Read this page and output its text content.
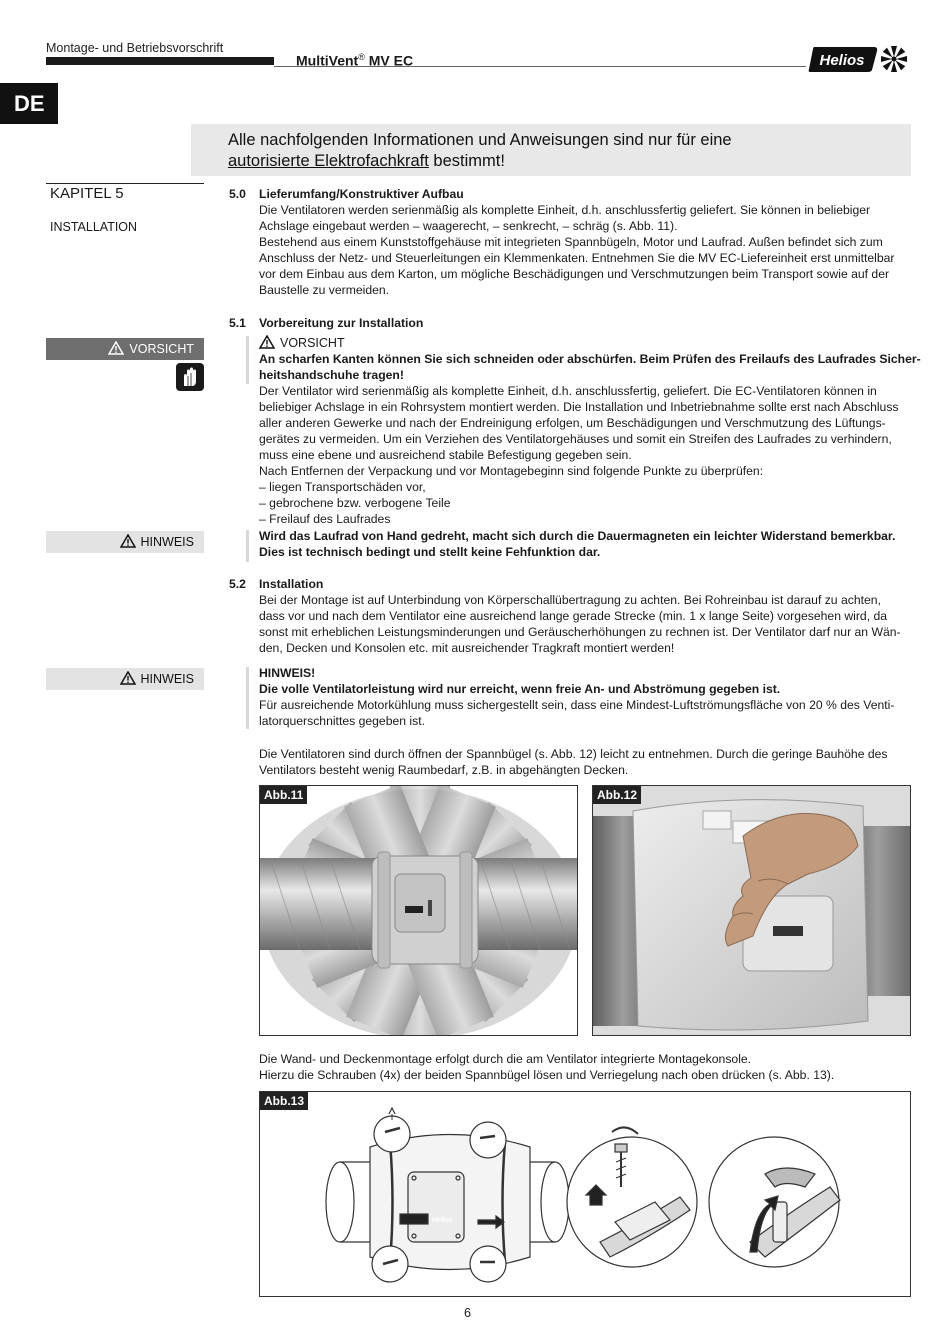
Montage- und Betriebsvorschrift
MultiVent® MV EC	Helios
DE
Alle nachfolgenden Informationen und Anweisungen sind nur für eine
autorisierte Elektrofachkraft bestimmt!
KAPITEL 5
INSTALLATION
5.0 Lieferumfang/Konstruktiver Aufbau
Die Ventilatoren werden serienmäßig als komplette Einheit, d.h. anschlussfertig geliefert. Sie können in beliebiger
Achslage eingebaut werden – waagerecht, – senkrecht, – schräg (s. Abb. 11).
Bestehend aus einem Kunststoffgehäuse mit integrieten Spannbügeln, Motor und Laufrad. Außen befindet sich zum
Anschluss der Netz- und Steuerleitungen ein Klemmenkaten. Entnehmen Sie die MV EC-Liefereinheit erst unmittelbar
vor dem Einbau aus dem Karton, um mögliche Beschädigungen und Verschmutzungen beim Transport sowie auf der
Baustelle zu vermeiden.
5.1 Vorbereitung zur Installation
VORSICHT	VORSICHT
An scharfen Kanten können Sie sich schneiden oder abschürfen. Beim Prüfen des Freilaufs des Laufrades Sicher-
heitshandschuhe tragen!
Der Ventilator wird serienmäßig als komplette Einheit, d.h. anschlussfertig, geliefert. Die EC-Ventilatoren können in
beliebiger Achslage in ein Rohrsystem montiert werden. Die Installation und Inbetriebnahme sollte erst nach Abschluss
aller anderen Gewerke und nach der Endreinigung erfolgen, um Beschädigungen und Verschmutzung des Lüftungs-
gerätes zu vermeiden. Um ein Verziehen des Ventilatorgehäuses und somit ein Streifen des Laufrades zu verhindern,
muss eine ebene und ausreichend stabile Befestigung gegeben sein.
Nach Entfernen der Verpackung und vor Montagebeginn sind folgende Punkte zu überprüfen:
– liegen Transportschäden vor,
– gebrochene bzw. verbogene Teile
– Freilauf des Laufrades
HINWEIS	Wird das Laufrad von Hand gedreht, macht sich durch die Dauermagneten ein leichter Widerstand bemerkbar.
Dies ist technisch bedingt und stellt keine Fehfunktion dar.
5.2 Installation
Bei der Montage ist auf Unterbindung von Körperschallübertragung zu achten. Bei Rohreinbau ist darauf zu achten,
dass vor und nach dem Ventilator eine ausreichend lange gerade Strecke (min. 1 x lange Seite) vorgesehen wird, da
sonst mit erheblichen Leistungsminderungen und Geräuscherhöhungen zu rechnen ist. Der Ventilator darf nur an Wän-
den, Decken und Konsolen etc. mit ausreichender Tragkraft montiert werden!
HINWEIS	HINWEIS!
Die volle Ventilatorleistung wird nur erreicht, wenn freie An- und Abströmung gegeben ist.
Für ausreichende Motorkühlung muss sichergestellt sein, dass eine Mindest-Luftströmungsfläche von 20 % des Venti-
latorquerschnittes gegeben ist.
Die Ventilatoren sind durch öffnen der Spannbügel (s. Abb. 12) leicht zu entnehmen. Durch die geringe Bauhöhe des
Ventilators besteht wenig Raumbedarf, z.B. in abgehängten Decken.
Abb.11	Abb.12
Die Wand- und Deckenmontage erfolgt durch die am Ventilator integrierte Montagekonsole.
Hierzu die Schrauben (4x) der beiden Spannbügel lösen und Verriegelung nach oben drücken (s. Abb. 13).
Abb.13
Helios
6
